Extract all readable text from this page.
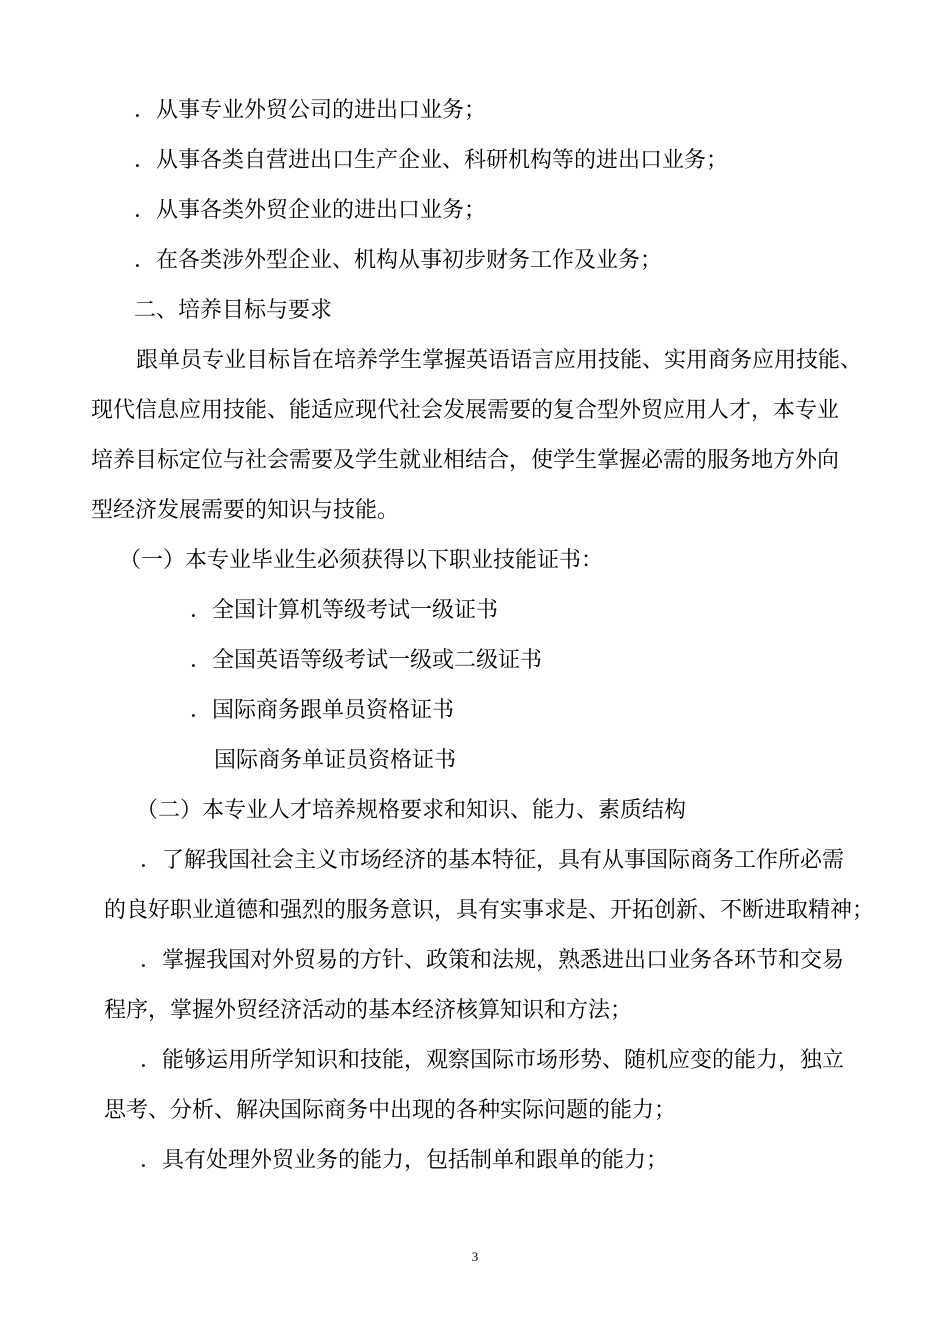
．从事专业外贸公司的进出口业务；
．从事各类自营进出口生产企业、科研机构等的进出口业务；
．从事各类外贸企业的进出口业务；
．在各类涉外型企业、机构从事初步财务工作及业务；
二、培养目标与要求
跟单员专业目标旨在培养学生掌握英语语言应用技能、实用商务应用技能、
现代信息应用技能、能适应现代社会发展需要的复合型外贸应用人才，本专业
培养目标定位与社会需要及学生就业相结合，使学生掌握必需的服务地方外向
型经济发展需要的知识与技能。
（一）本专业毕业生必须获得以下职业技能证书：
．全国计算机等级考试一级证书
．全国英语等级考试一级或二级证书
．国际商务跟单员资格证书
国际商务单证员资格证书
（二）本专业人才培养规格要求和知识、能力、素质结构
．了解我国社会主义市场经济的基本特征，具有从事国际商务工作所必需
的良好职业道德和强烈的服务意识，具有实事求是、开拓创新、不断进取精神；
．掌握我国对外贸易的方针、政策和法规，熟悉进出口业务各环节和交易
程序，掌握外贸经济活动的基本经济核算知识和方法；
．能够运用所学知识和技能，观察国际市场形势、随机应变的能力，独立
思考、分析、解决国际商务中出现的各种实际问题的能力；
．具有处理外贸业务的能力，包括制单和跟单的能力；
3
